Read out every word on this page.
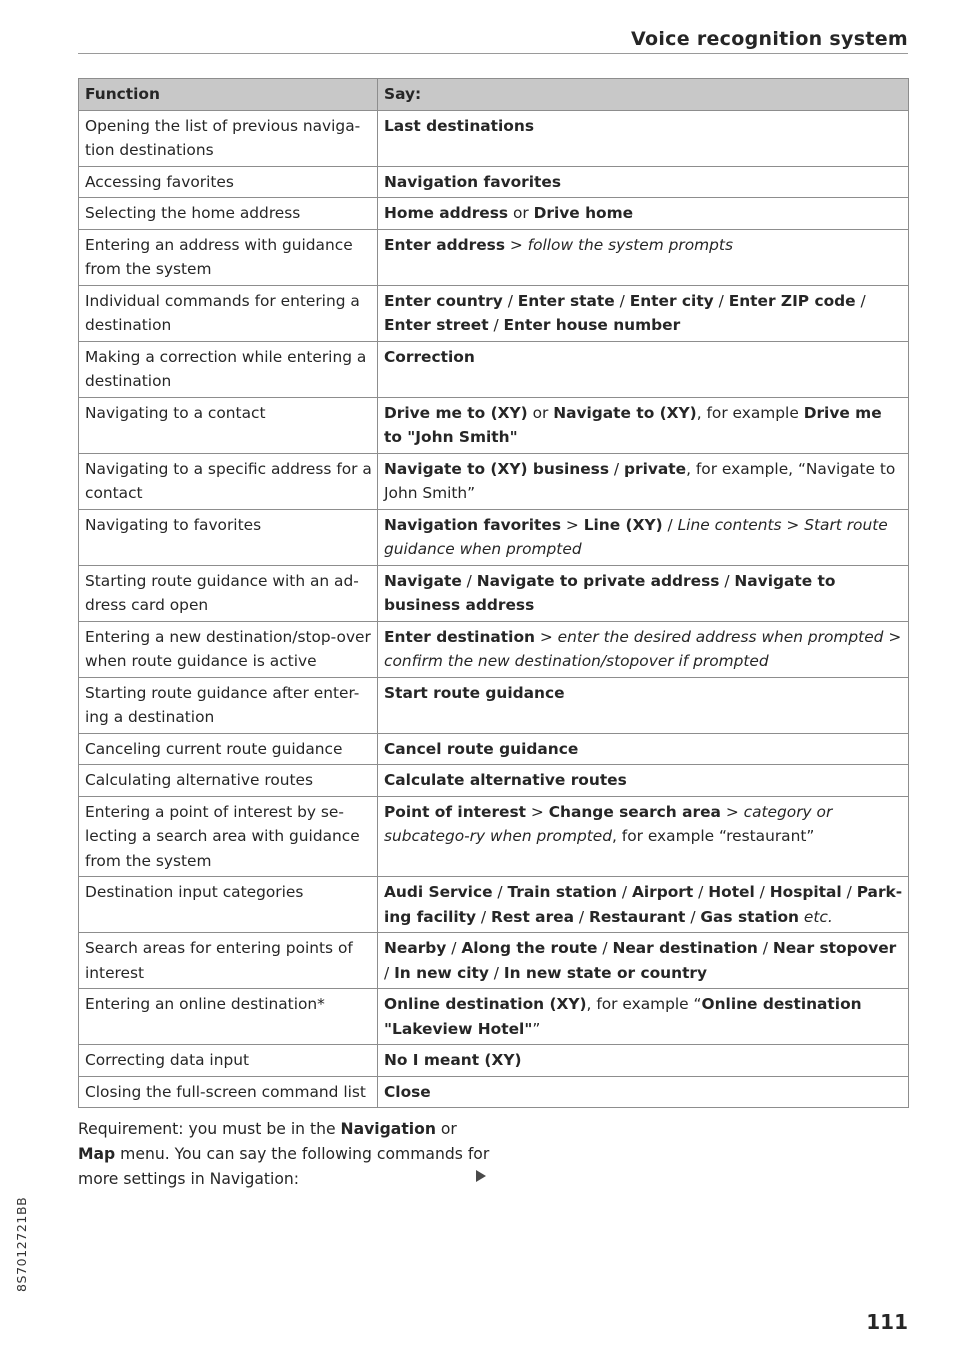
Voice recognition system
Function	Say:
Opening the list of previous naviga-tion destinations	Last destinations
Accessing favorites	Navigation favorites
Selecting the home address	Home address or Drive home
Entering an address with guidance from the system	Enter address > follow the system prompts
Individual commands for entering a destination	Enter country / Enter state / Enter city / Enter ZIP code / Enter street / Enter house number
Making a correction while entering a destination	Correction
Navigating to a contact	Drive me to (XY) or Navigate to (XY), for example Drive me to "John Smith"
Navigating to a specific address for a contact	Navigate to (XY) business / private, for example, “Navigate to John Smith”
Navigating to favorites	Navigation favorites > Line (XY) / Line contents > Start route guidance when prompted
Starting route guidance with an ad-dress card open	Navigate / Navigate to private address / Navigate to business address
Entering a new destination/stop-over when route guidance is active	Enter destination > enter the desired address when prompted > confirm the new destination/stopover if prompted
Starting route guidance after enter-ing a destination	Start route guidance
Canceling current route guidance	Cancel route guidance
Calculating alternative routes	Calculate alternative routes
Entering a point of interest by se-lecting a search area with guidance from the system	Point of interest > Change search area > category or subcatego-ry when prompted, for example “restaurant”
Destination input categories	Audi Service / Train station / Airport / Hotel / Hospital / Park-ing facility / Rest area / Restaurant / Gas station etc.
Search areas for entering points of interest	Nearby / Along the route / Near destination / Near stopover / In new city / In new state or country
Entering an online destination*	Online destination (XY), for example “Online destination "Lakeview Hotel"”
Correcting data input	No I meant (XY)
Closing the full-screen command list	Close
Requirement: you must be in the Navigation or Map menu. You can say the following commands for more settings in Navigation:
8S7012721BB
111
